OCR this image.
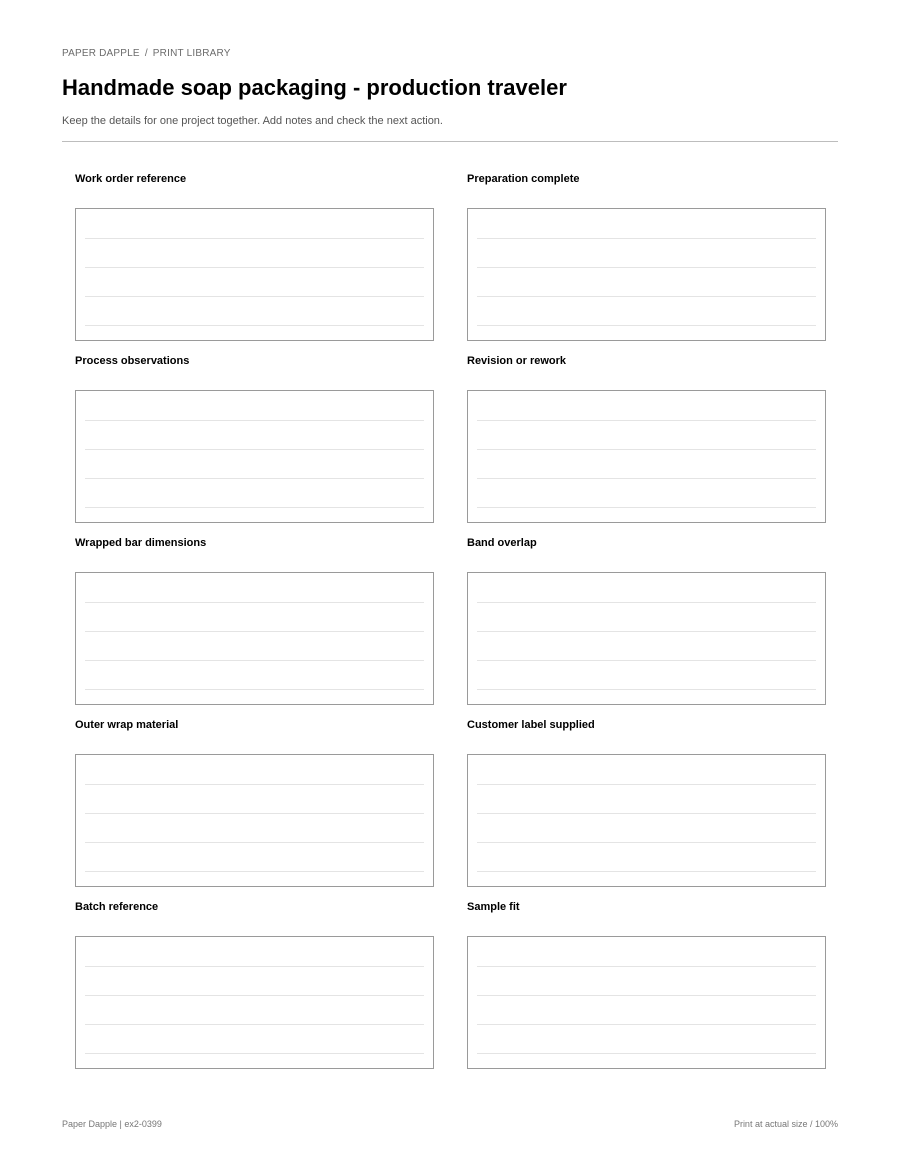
PAPER DAPPLE / PRINT LIBRARY
Handmade soap packaging - production traveler

Keep the details for one project together. Add notes and check the next action.

Work order reference	Preparation complete
Process observations	Revision or rework
Wrapped bar dimensions	Band overlap
Outer wrap material	Customer label supplied
Batch reference	Sample fit
Paper Dapple | ex2-0399	Print at actual size / 100%
